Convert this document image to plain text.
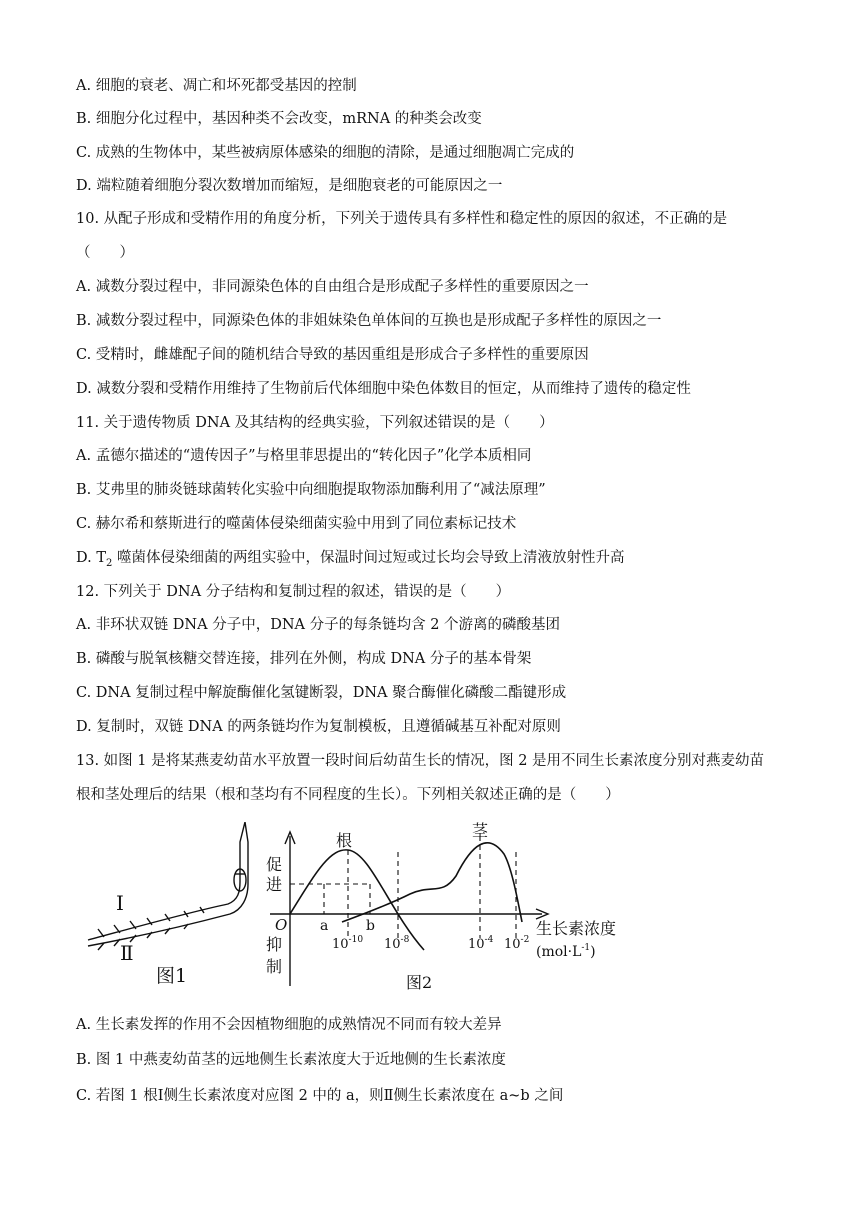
A. 细胞的衰老、凋亡和坏死都受基因的控制
B. 细胞分化过程中，基因种类不会改变，mRNA 的种类会改变
C. 成熟的生物体中，某些被病原体感染的细胞的清除，是通过细胞凋亡完成的
D. 端粒随着细胞分裂次数增加而缩短，是细胞衰老的可能原因之一
10. 从配子形成和受精作用的角度分析，下列关于遗传具有多样性和稳定性的原因的叙述，不正确的是
（　　）
A. 减数分裂过程中，非同源染色体的自由组合是形成配子多样性的重要原因之一
B. 减数分裂过程中，同源染色体的非姐妹染色单体间的互换也是形成配子多样性的原因之一
C. 受精时，雌雄配子间的随机结合导致的基因重组是形成合子多样性的重要原因
D. 减数分裂和受精作用维持了生物前后代体细胞中染色体数目的恒定，从而维持了遗传的稳定性
11. 关于遗传物质 DNA 及其结构的经典实验，下列叙述错误的是（　　）
A. 孟德尔描述的“遗传因子”与格里菲思提出的“转化因子”化学本质相同
B. 艾弗里的肺炎链球菌转化实验中向细胞提取物添加酶利用了“减法原理”
C. 赫尔希和蔡斯进行的噬菌体侵染细菌实验中用到了同位素标记技术
D. $T_2$ 噬菌体侵染细菌的两组实验中，保温时间过短或过长均会导致上清液放射性升高
12. 下列关于 DNA 分子结构和复制过程的叙述，错误的是（　　）
A. 非环状双链 DNA 分子中，DNA 分子的每条链均含 2 个游离的磷酸基团
B. 磷酸与脱氧核糖交替连接，排列在外侧，构成 DNA 分子的基本骨架
C. DNA 复制过程中解旋酶催化氢键断裂，DNA 聚合酶催化磷酸二酯键形成
D. 复制时，双链 DNA 的两条链均作为复制模板，且遵循碱基互补配对原则
13. 如图 1 是将某燕麦幼苗水平放置一段时间后幼苗生长的情况，图 2 是用不同生长素浓度分别对燕麦幼苗
根和茎处理后的结果（根和茎均有不同程度的生长）。下列相关叙述正确的是（　　）
Ⅰ
Ⅱ
图1
促
进
抑
制
O
根
茎
a	b
$10^{-10}$ $10^{-8}$	$10^{-4}$ $10^{-2}$
生长素浓度
$(mol\cdot L^{-1})$
图2
A. 生长素发挥的作用不会因植物细胞的成熟情况不同而有较大差异
B. 图 1 中燕麦幼苗茎的远地侧生长素浓度大于近地侧的生长素浓度
C. 若图 1 根Ⅰ侧生长素浓度对应图 2 中的 a，则Ⅱ侧生长素浓度在 a~b 之间
